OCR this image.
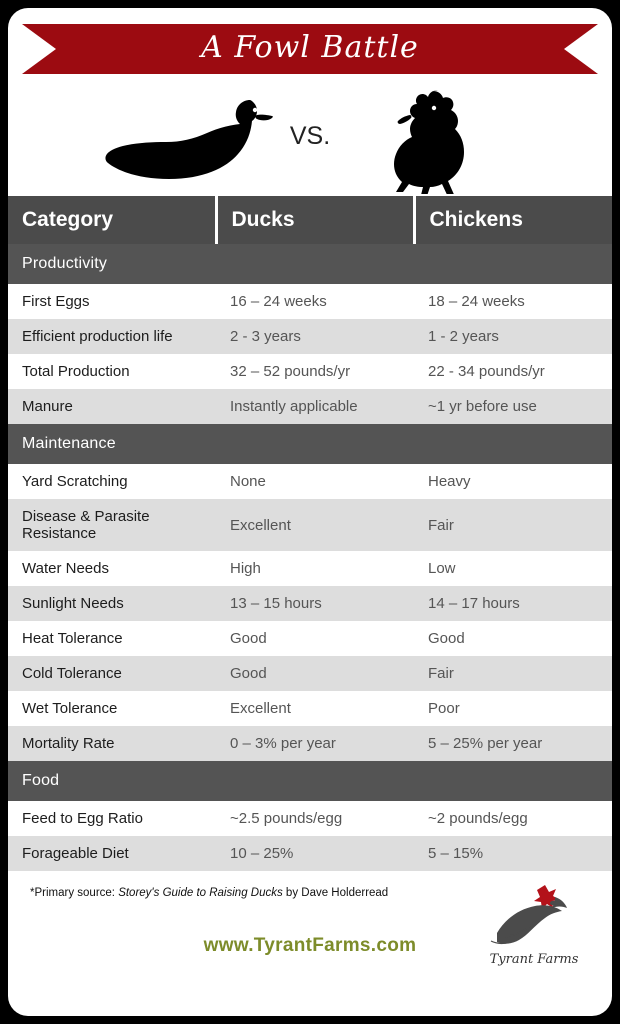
A Fowl Battle
VS.
Category	Ducks	Chickens
Productivity		
First Eggs	16 – 24 weeks	18 – 24 weeks
Efficient production life	2 - 3 years	1 - 2 years
Total Production	32 – 52 pounds/yr	22 - 34 pounds/yr
Manure	Instantly applicable	~1 yr before use
Maintenance		
Yard Scratching	None	Heavy
Disease & Parasite Resistance	Excellent	Fair
Water Needs	High	Low
Sunlight Needs	13 – 15 hours	14 – 17 hours
Heat Tolerance	Good	Good
Cold Tolerance	Good	Fair
Wet Tolerance	Excellent	Poor
Mortality Rate	0 – 3% per year	5 – 25% per year
Food		
Feed to Egg Ratio	~2.5 pounds/egg	~2 pounds/egg
Forageable Diet	10 – 25%	5 – 15%
*Primary source: Storey's Guide to Raising Ducks by Dave Holderread
Tyrant Farms
www.TyrantFarms.com
